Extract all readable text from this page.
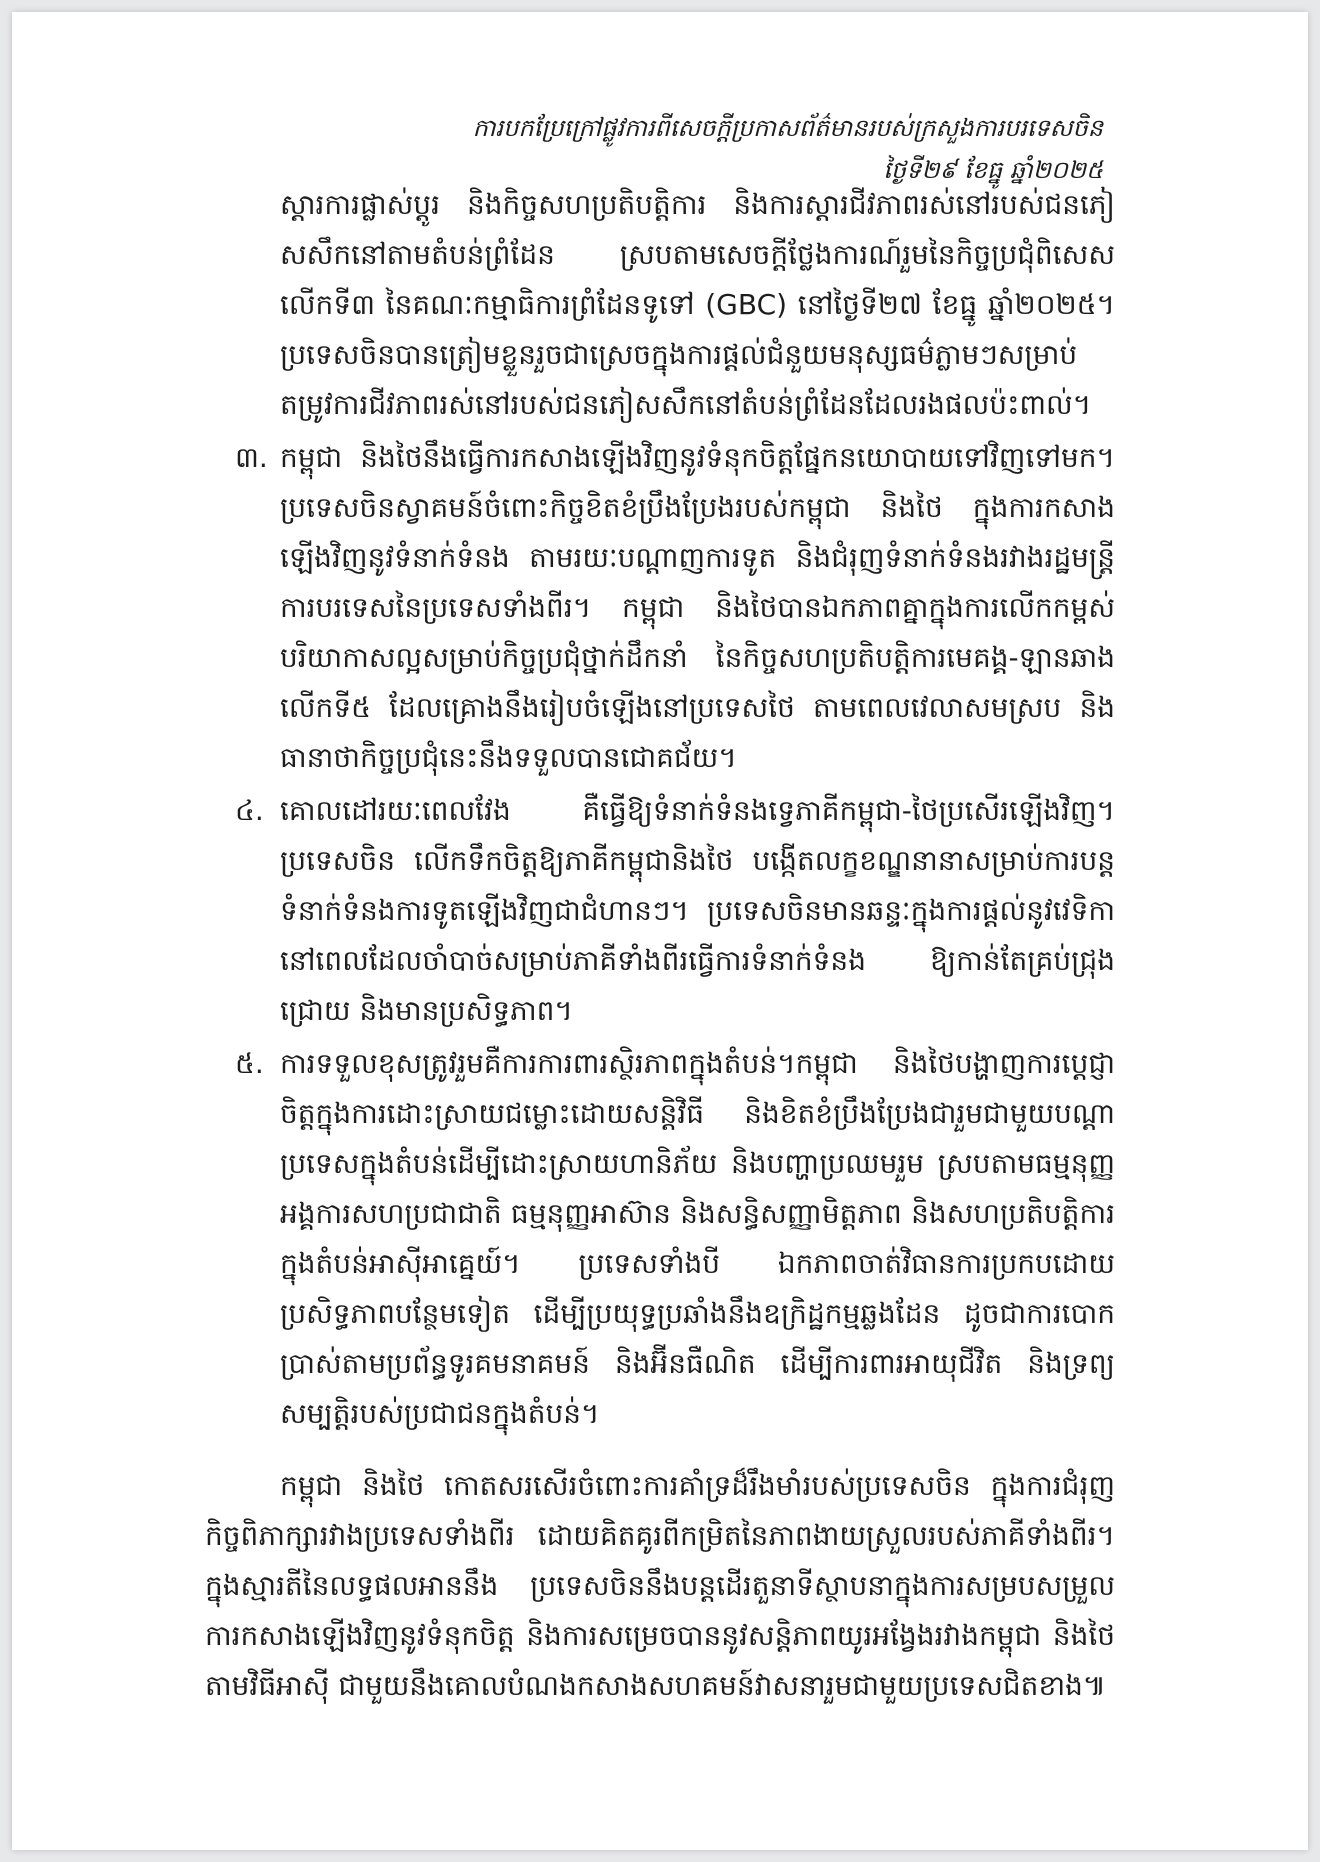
ការបកប្រែក្រៅផ្លូវការពីសេចក្តីប្រកាសព័ត៌មានរបស់ក្រសួងការបរទេសចិន
ថ្ងៃទី២៩ ខែធ្នូ ឆ្នាំ២០២៥

ស្តារការផ្លាស់ប្តូរ និងកិច្ចសហប្រតិបត្តិការ និងការស្តារជីវភាពរស់នៅរបស់ជនភៀសសឹកនៅតាមតំបន់ព្រំដែន ស្របតាមសេចក្តីថ្លែងការណ៍រួមនៃកិច្ចប្រជុំពិសេសលើកទី៣ នៃគណៈកម្មាធិការព្រំដែនទូទៅ (GBC) នៅថ្ងៃទី២៧ ខែធ្នូ ឆ្នាំ២០២៥។ ប្រទេសចិនបានត្រៀមខ្លួនរួចជាស្រេចក្នុងការផ្តល់ជំនួយមនុស្សធម៌ភ្លាមៗសម្រាប់តម្រូវការជីវភាពរស់នៅរបស់ជនភៀសសឹកនៅតំបន់ព្រំដែនដែលរងផលប៉ះពាល់។

៣. កម្ពុជា និងថៃនឹងធ្វើការកសាងឡើងវិញនូវទំនុកចិត្តផ្នែកនយោបាយទៅវិញទៅមក។ ប្រទេសចិនស្វាគមន៍ចំពោះកិច្ចខិតខំប្រឹងប្រែងរបស់កម្ពុជា និងថៃ ក្នុងការកសាងឡើងវិញនូវទំនាក់ទំនង តាមរយៈបណ្តាញការទូត និងជំរុញទំនាក់ទំនងរវាងរដ្ឋមន្ត្រីការបរទេសនៃប្រទេសទាំងពីរ។ កម្ពុជា និងថៃបានឯកភាពគ្នាក្នុងការលើកកម្ពស់បរិយាកាសល្អសម្រាប់កិច្ចប្រជុំថ្នាក់ដឹកនាំ នៃកិច្ចសហប្រតិបត្តិការមេគង្គ-ឡានឆាង លើកទី៥ ដែលគ្រោងនឹងរៀបចំឡើងនៅប្រទេសថៃ តាមពេលវេលាសមស្រប និងធានាថាកិច្ចប្រជុំនេះនឹងទទួលបានជោគជ័យ។
៤. គោលដៅរយៈពេលវែង គឺធ្វើឱ្យទំនាក់ទំនងទ្វេភាគីកម្ពុជា-ថៃប្រសើរឡើងវិញ។ ប្រទេសចិន លើកទឹកចិត្តឱ្យភាគីកម្ពុជានិងថៃ បង្កើតលក្ខខណ្ឌនានាសម្រាប់ការបន្តទំនាក់ទំនងការទូតឡើងវិញជាជំហានៗ។ ប្រទេសចិនមានឆន្ទៈក្នុងការផ្តល់នូវវេទិកានៅពេលដែលចាំបាច់សម្រាប់ភាគីទាំងពីរធ្វើការទំនាក់ទំនង ឱ្យកាន់តែគ្រប់ជ្រុងជ្រោយ និងមានប្រសិទ្ធភាព។
៥. ការទទួលខុសត្រូវរួមគឺការការពារស្ថិរភាពក្នុងតំបន់។កម្ពុជា និងថៃបង្ហាញការប្តេជ្ញាចិត្តក្នុងការដោះស្រាយជម្លោះដោយសន្តិវិធី និងខិតខំប្រឹងប្រែងជារួមជាមួយបណ្តាប្រទេសក្នុងតំបន់ដើម្បីដោះស្រាយហានិភ័យ និងបញ្ហាប្រឈមរួម ស្របតាមធម្មនុញ្ញអង្គការសហប្រជាជាតិ ធម្មនុញ្ញអាស៊ាន និងសន្ធិសញ្ញាមិត្តភាព និងសហប្រតិបត្តិការក្នុងតំបន់អាស៊ីអាគ្នេយ៍។ ប្រទេសទាំងបី ឯកភាពចាត់វិធានការប្រកបដោយប្រសិទ្ធភាពបន្ថែមទៀត ដើម្បីប្រយុទ្ធប្រឆាំងនឹងឧក្រិដ្ឋកម្មឆ្លងដែន ដូចជាការបោកប្រាស់តាមប្រព័ន្ធទូរគមនាគមន៍ និងអ៊ីនធឺណិត ដើម្បីការពារអាយុជីវិត និងទ្រព្យសម្បត្តិរបស់ប្រជាជនក្នុងតំបន់។

កម្ពុជា និងថៃ កោតសរសើរចំពោះការគាំទ្រដ៏រឹងមាំរបស់ប្រទេសចិន ក្នុងការជំរុញកិច្ចពិភាក្សារវាងប្រទេសទាំងពីរ ដោយគិតគូរពីកម្រិតនៃភាពងាយស្រួលរបស់ភាគីទាំងពីរ។ ក្នុងស្មារតីនៃលទ្ធផលអាននឹង ប្រទេសចិននឹងបន្តដើរតួនាទីស្ថាបនាក្នុងការសម្របសម្រួលការកសាងឡើងវិញនូវទំនុកចិត្ត និងការសម្រេចបាននូវសន្តិភាពយូរអង្វែងរវាងកម្ពុជា និងថៃ តាមវិធីអាស៊ី ជាមួយនឹងគោលបំណងកសាងសហគមន៍វាសនារួមជាមួយប្រទេសជិតខាង៕
